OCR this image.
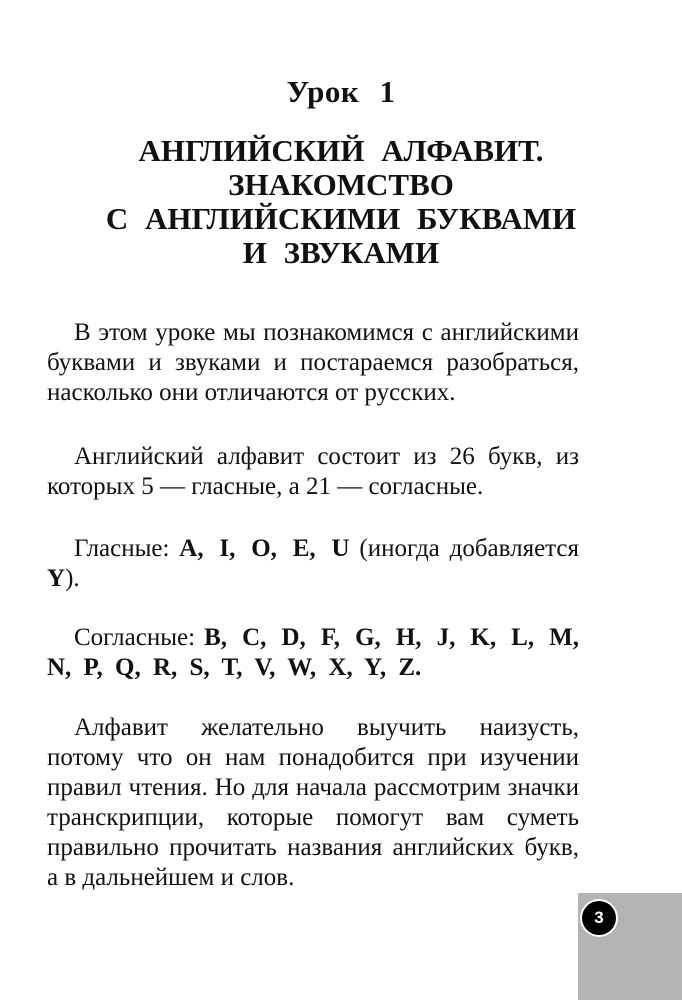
Урок 1
АНГЛИЙСКИЙ АЛФАВИТ.
ЗНАКОМСТВО
С АНГЛИЙСКИМИ БУКВАМИ
И ЗВУКАМИ

В этом уроке мы познакомимся с английскими буквами и звуками и постараемся разобраться, насколько они отличаются от русских.

Английский алфавит состоит из 26 букв, из которых 5 — гласные, а 21 — согласные.

Гласные: A, I, O, E, U (иногда добавляется Y).

Согласные: B, C, D, F, G, H, J, K, L, M, N, P, Q, R, S, T, V, W, X, Y, Z.

Алфавит желательно выучить наизусть, потому что он нам понадобится при изучении правил чтения. Но для начала рассмотрим значки транскрипции, которые помогут вам суметь правильно прочитать названия английских букв, а в дальнейшем и слов.

3
